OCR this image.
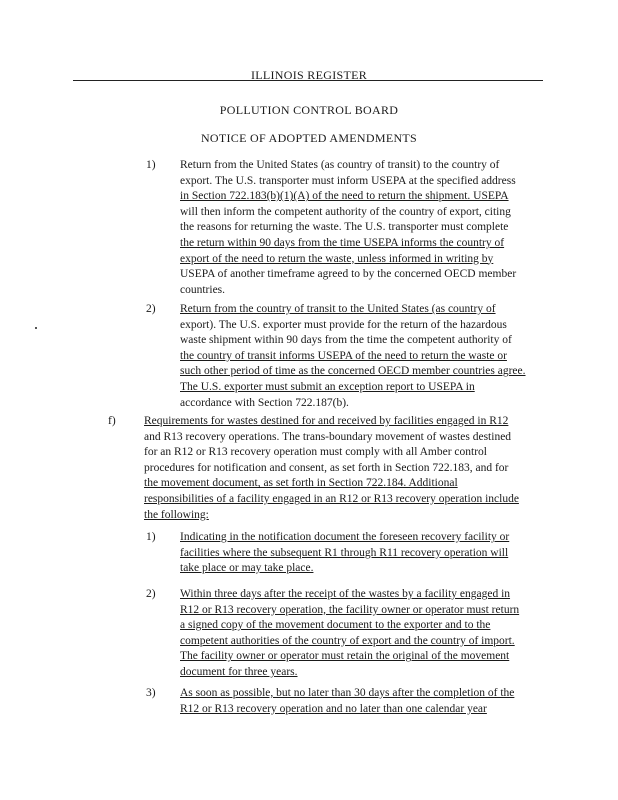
ILLINOIS REGISTER
POLLUTION CONTROL BOARD
NOTICE OF ADOPTED AMENDMENTS
1) Return from the United States (as country of transit) to the country of
export. The U.S. transporter must inform USEPA at the specified address
in Section 722.183(b)(1)(A) of the need to return the shipment. USEPA
will then inform the competent authority of the country of export, citing
the reasons for returning the waste. The U.S. transporter must complete
the return within 90 days from the time USEPA informs the country of
export of the need to return the waste, unless informed in writing by
USEPA of another timeframe agreed to by the concerned OECD member
countries.
2) Return from the country of transit to the United States (as country of
export). The U.S. exporter must provide for the return of the hazardous
waste shipment within 90 days from the time the competent authority of
the country of transit informs USEPA of the need to return the waste or
such other period of time as the concerned OECD member countries agree.
The U.S. exporter must submit an exception report to USEPA in
accordance with Section 722.187(b).
f) Requirements for wastes destined for and received by facilities engaged in R12
and R13 recovery operations. The trans-boundary movement of wastes destined
for an R12 or R13 recovery operation must comply with all Amber control
procedures for notification and consent, as set forth in Section 722.183, and for
the movement document, as set forth in Section 722.184. Additional
responsibilities of a facility engaged in an R12 or R13 recovery operation include
the following:
1) Indicating in the notification document the foreseen recovery facility or
facilities where the subsequent R1 through R11 recovery operation will
take place or may take place.
2) Within three days after the receipt of the wastes by a facility engaged in
R12 or R13 recovery operation, the facility owner or operator must return
a signed copy of the movement document to the exporter and to the
competent authorities of the country of export and the country of import.
The facility owner or operator must retain the original of the movement
document for three years.
3) As soon as possible, but no later than 30 days after the completion of the
R12 or R13 recovery operation and no later than one calendar year
